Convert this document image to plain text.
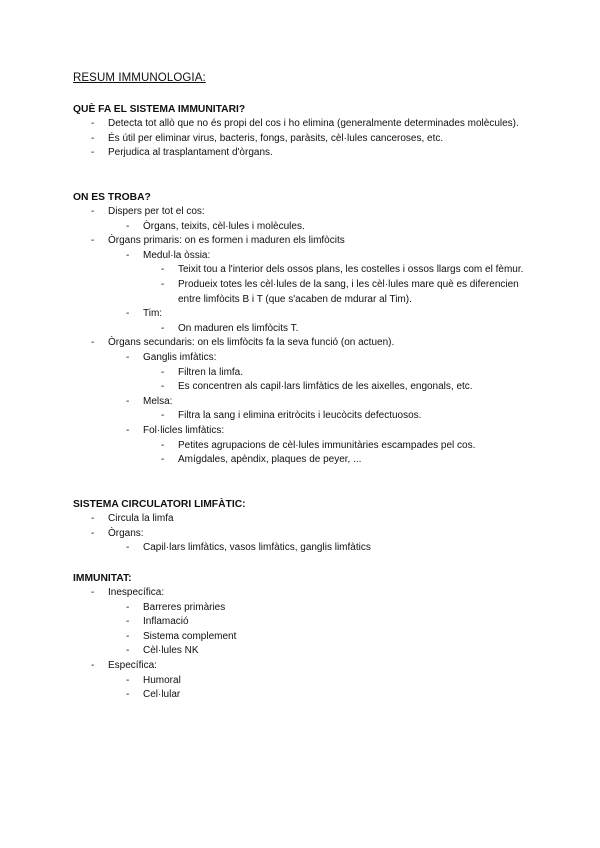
RESUM IMMUNOLOGIA:

QUÈ FA EL SISTEMA IMMUNITARI?

- Detecta tot allò que no és propi del cos i ho elimina (generalmente determinades molècules).
- És útil per eliminar virus, bacteris, fongs, paràsits, cèl·lules canceroses, etc.
- Perjudica al trasplantament d'òrgans.

ON ES TROBA?

- Dispers per tot el cos:
- Òrgans, teixits, cèl·lules i molècules.
- Òrgans primaris: on es formen i maduren els limfòcits
- Medul·la òssia:
- Teixit tou a l'interior dels ossos plans, les costelles i ossos llargs com el fèmur.
- Produeix totes les cèl·lules de la sang, i les cèl·lules mare què es diferencien entre limfòcits B i T (que s'acaben de mdurar al Tim).
- Tim:
- On maduren els limfòcits T.
- Òrgans secundaris: on els limfòcits fa la seva funció (on actuen).
- Ganglis imfàtics:
- Filtren la limfa.
- Es concentren als capil·lars limfàtics de les aixelles, engonals, etc.
- Melsa:
- Filtra la sang i elimina eritròcits i leucòcits defectuosos.
- Fol·licles limfàtics:
- Petites agrupacions de cèl·lules immunitàries escampades pel cos.
- Amígdales, apèndix, plaques de peyer, ...

SISTEMA CIRCULATORI LIMFÀTIC:

- Circula la limfa
- Òrgans:
- Capil·lars limfàtics, vasos limfàtics, ganglis limfàtics

IMMUNITAT:

- Inespecífica:
- Barreres primàries
- Inflamació
- Sistema complement
- Cèl·lules NK
- Específica:
- Humoral
- Cel·lular
